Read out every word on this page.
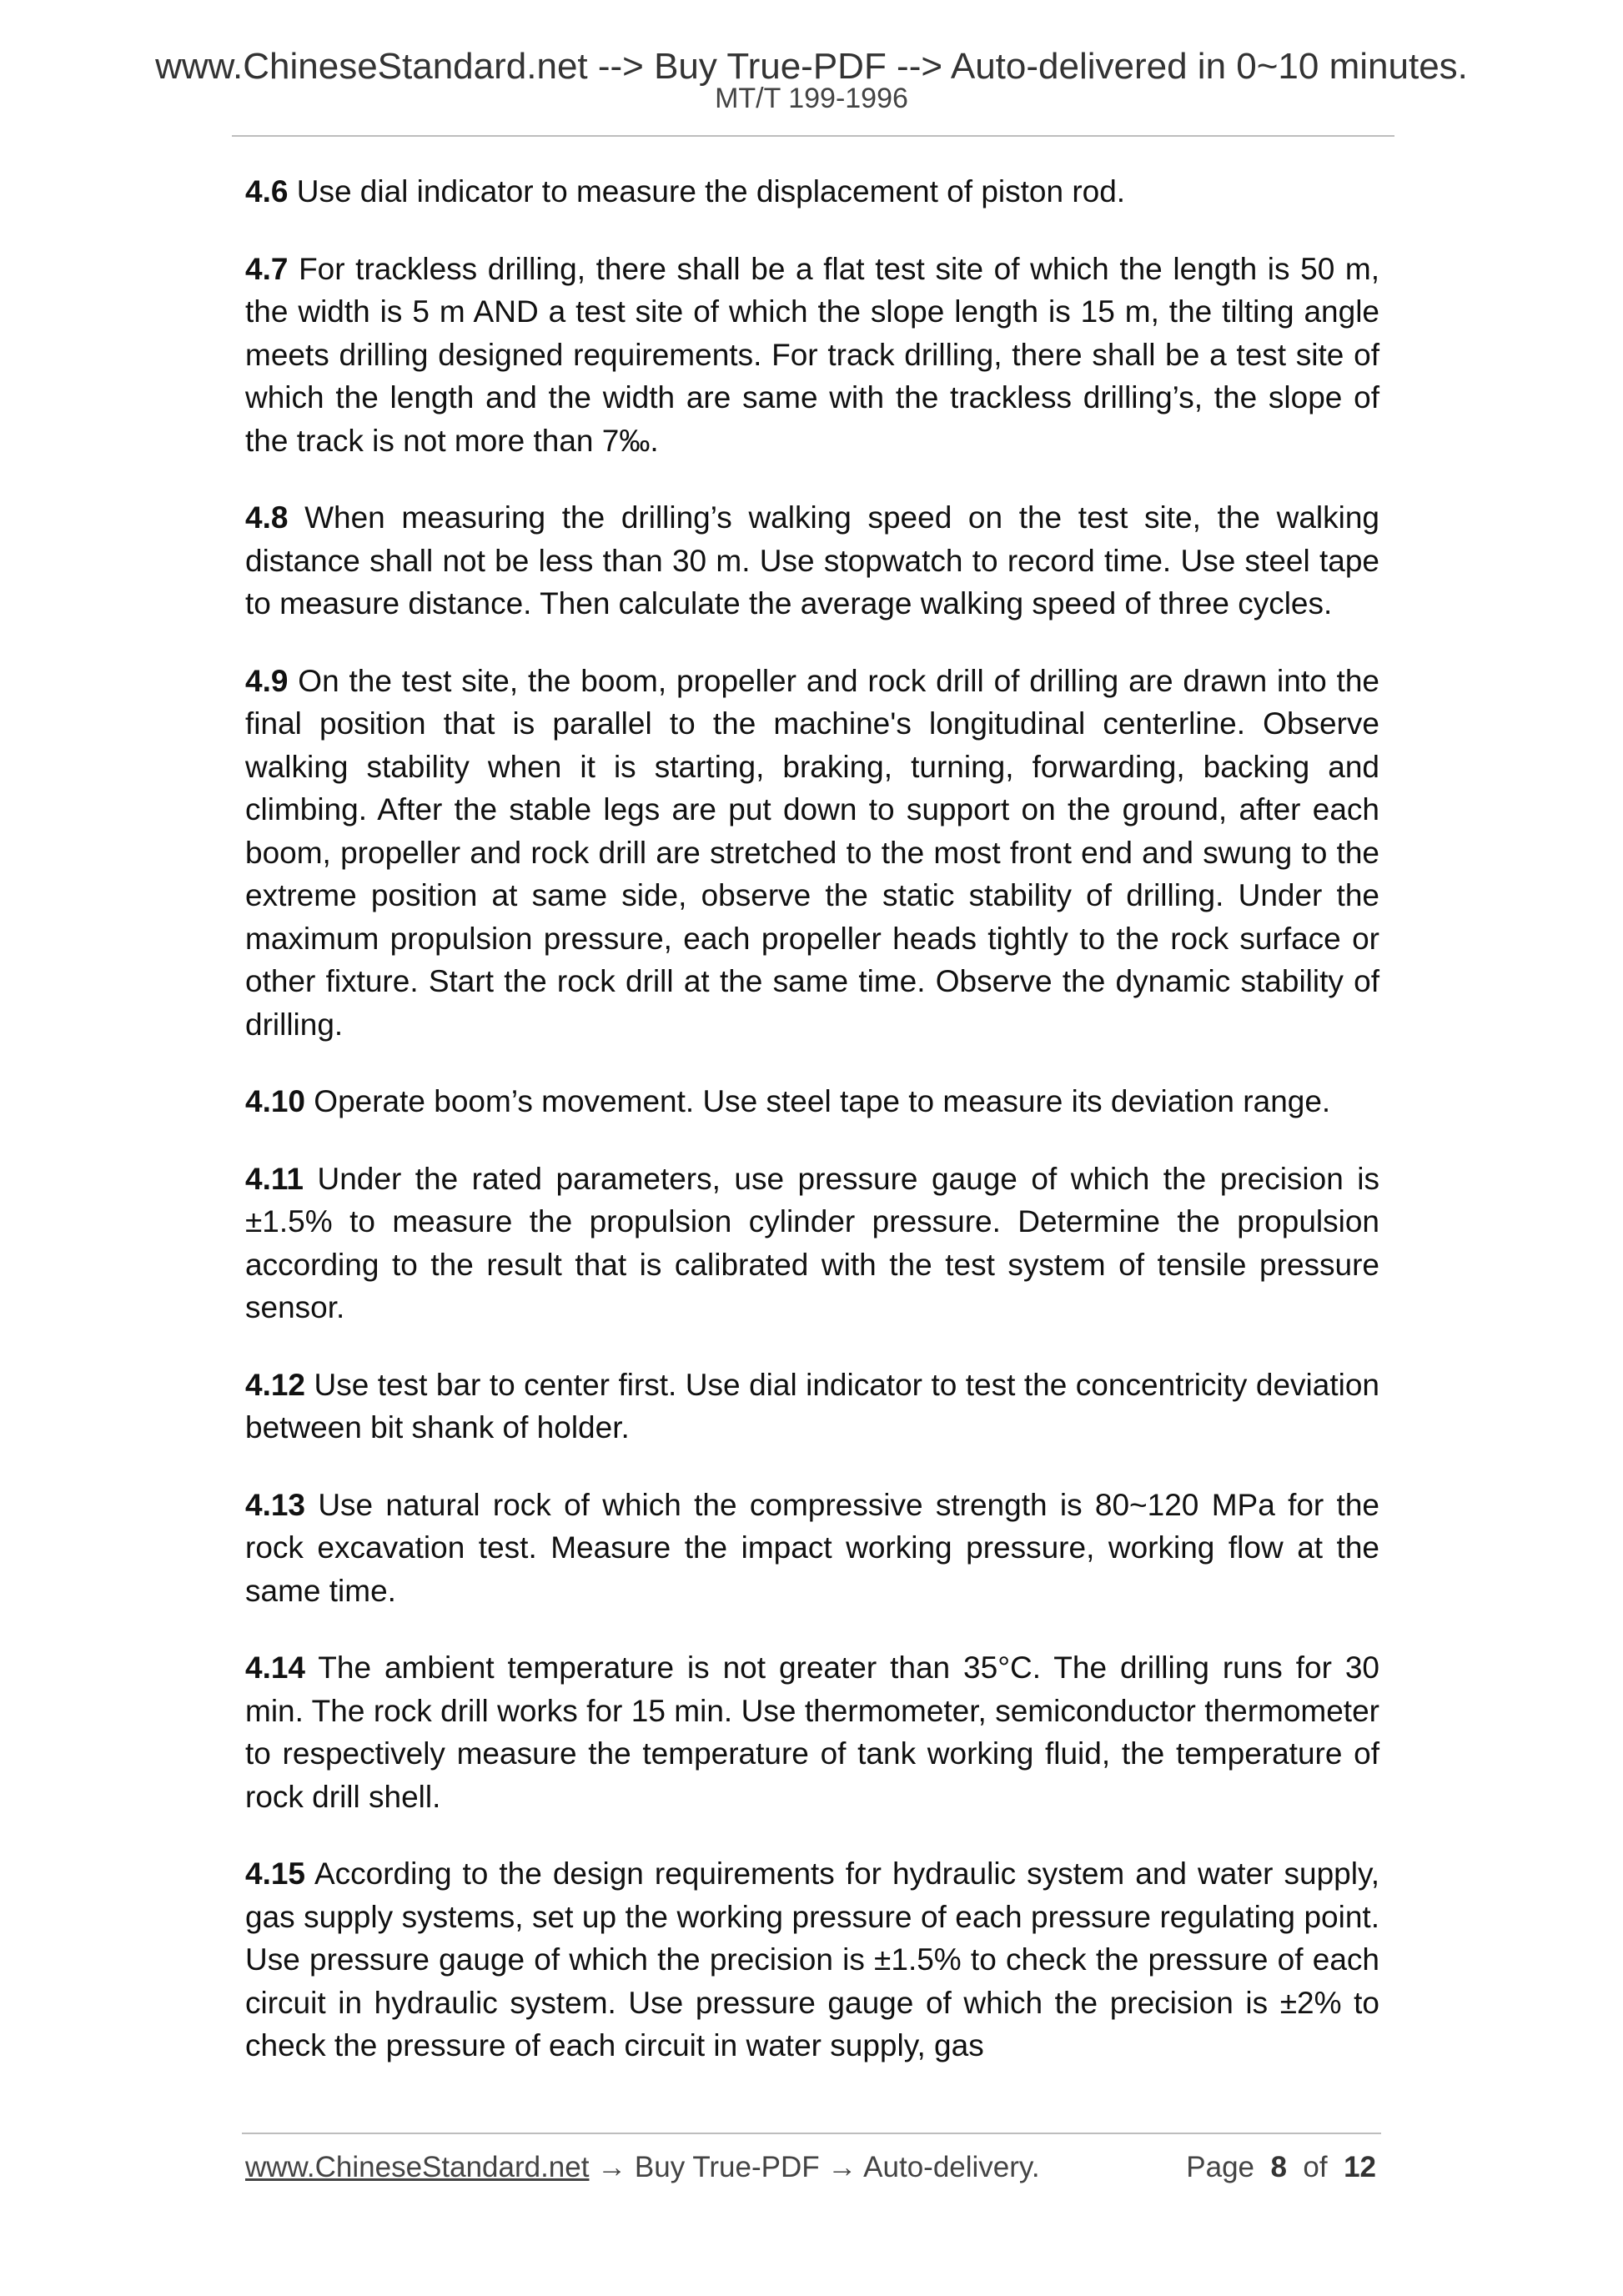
www.ChineseStandard.net --> Buy True-PDF --> Auto-delivered in 0~10 minutes.
MT/T 199-1996

4.6 Use dial indicator to measure the displacement of piston rod.

4.7 For trackless drilling, there shall be a flat test site of which the length is 50 m, the width is 5 m AND a test site of which the slope length is 15 m, the tilting angle meets drilling designed requirements. For track drilling, there shall be a test site of which the length and the width are same with the trackless drilling’s, the slope of the track is not more than 7‰.

4.8 When measuring the drilling’s walking speed on the test site, the walking distance shall not be less than 30 m. Use stopwatch to record time. Use steel tape to measure distance. Then calculate the average walking speed of three cycles.

4.9 On the test site, the boom, propeller and rock drill of drilling are drawn into the final position that is parallel to the machine's longitudinal centerline. Observe walking stability when it is starting, braking, turning, forwarding, backing and climbing. After the stable legs are put down to support on the ground, after each boom, propeller and rock drill are stretched to the most front end and swung to the extreme position at same side, observe the static stability of drilling. Under the maximum propulsion pressure, each propeller heads tightly to the rock surface or other fixture. Start the rock drill at the same time. Observe the dynamic stability of drilling.

4.10 Operate boom’s movement. Use steel tape to measure its deviation range.

4.11 Under the rated parameters, use pressure gauge of which the precision is ±1.5% to measure the propulsion cylinder pressure. Determine the propulsion according to the result that is calibrated with the test system of tensile pressure sensor.

4.12 Use test bar to center first. Use dial indicator to test the concentricity deviation between bit shank of holder.

4.13 Use natural rock of which the compressive strength is 80~120 MPa for the rock excavation test. Measure the impact working pressure, working flow at the same time.

4.14 The ambient temperature is not greater than 35°C. The drilling runs for 30 min. The rock drill works for 15 min. Use thermometer, semiconductor thermometer to respectively measure the temperature of tank working fluid, the temperature of rock drill shell.

4.15 According to the design requirements for hydraulic system and water supply, gas supply systems, set up the working pressure of each pressure regulating point. Use pressure gauge of which the precision is ±1.5% to check the pressure of each circuit in hydraulic system. Use pressure gauge of which the precision is ±2% to check the pressure of each circuit in water supply, gas

www.ChineseStandard.net → Buy True-PDF → Auto-delivery.	Page 8 of 12
